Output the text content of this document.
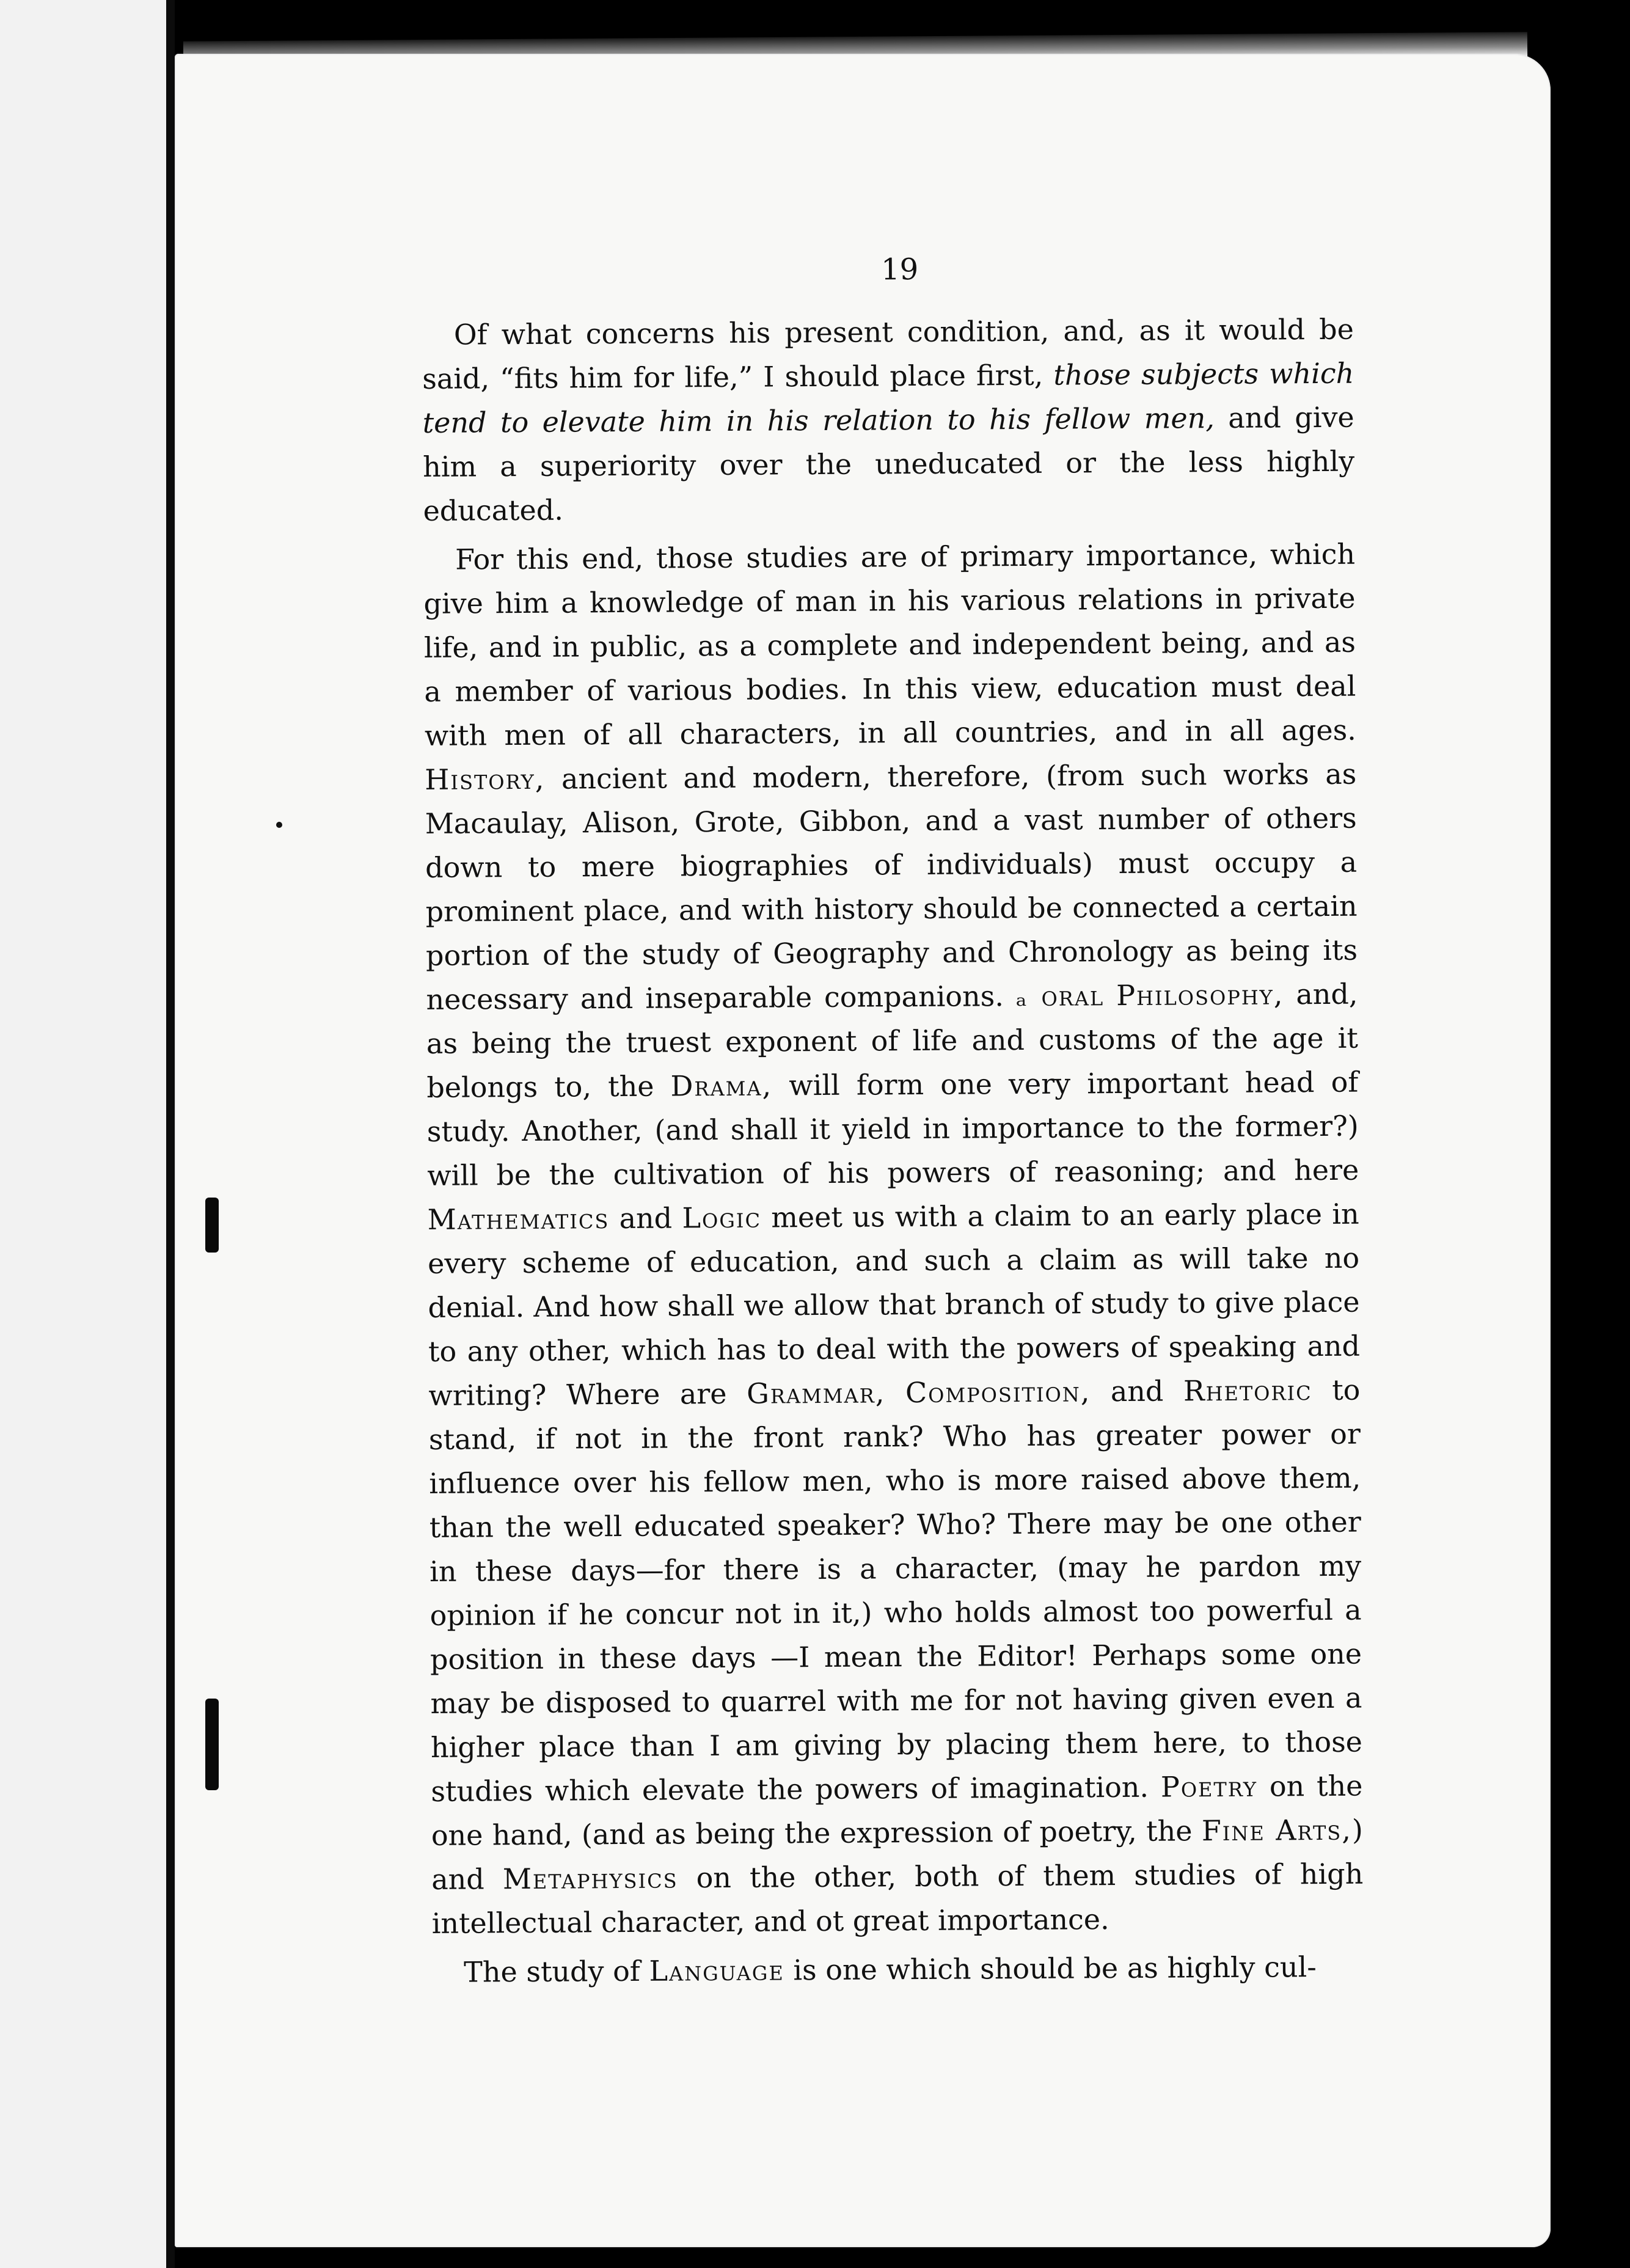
19

Of what concerns his present condition, and, as it would be said, “fits him for life,” I should place first, those subjects which tend to elevate him in his relation to his fellow men, and give him a superiority over the uneducated or the less highly educated.

For this end, those studies are of primary importance, which give him a knowledge of man in his various relations in private life, and in public, as a complete and independent being, and as a member of various bodies. In this view, education must deal with men of all characters, in all countries, and in all ages. History, ancient and modern, therefore, (from such works as Macaulay, Alison, Grote, Gibbon, and a vast number of others down to mere biographies of individuals) must occupy a prominent place, and with history should be connected a certain portion of the study of Geography and Chronology as being its necessary and inseparable companions. ₐ oral Philosophy, and, as being the truest exponent of life and customs of the age it belongs to, the Drama, will form one very important head of study. Another, (and shall it yield in importance to the former?) will be the cultivation of his powers of reasoning; and here Mathematics and Logic meet us with a claim to an early place in every scheme of education, and such a claim as will take no denial. And how shall we allow that branch of study to give place to any other, which has to deal with the powers of speaking and writing? Where are Grammar, Composition, and Rhetoric to stand, if not in the front rank? Who has greater power or influence over his fellow men, who is more raised above them, than the well educated speaker? Who? There may be one other in these days—for there is a character, (may he pardon my opinion if he concur not in it,) who holds almost too powerful a position in these days —I mean the Editor! Perhaps some one may be disposed to quarrel with me for not having given even a higher place than I am giving by placing them here, to those studies which elevate the powers of imagination. Poetry on the one hand, (and as being the expression of poetry, the Fine Arts,) and Metaphysics on the other, both of them studies of high intellectual character, and ot great importance.

The study of Language is one which should be as highly cul-
